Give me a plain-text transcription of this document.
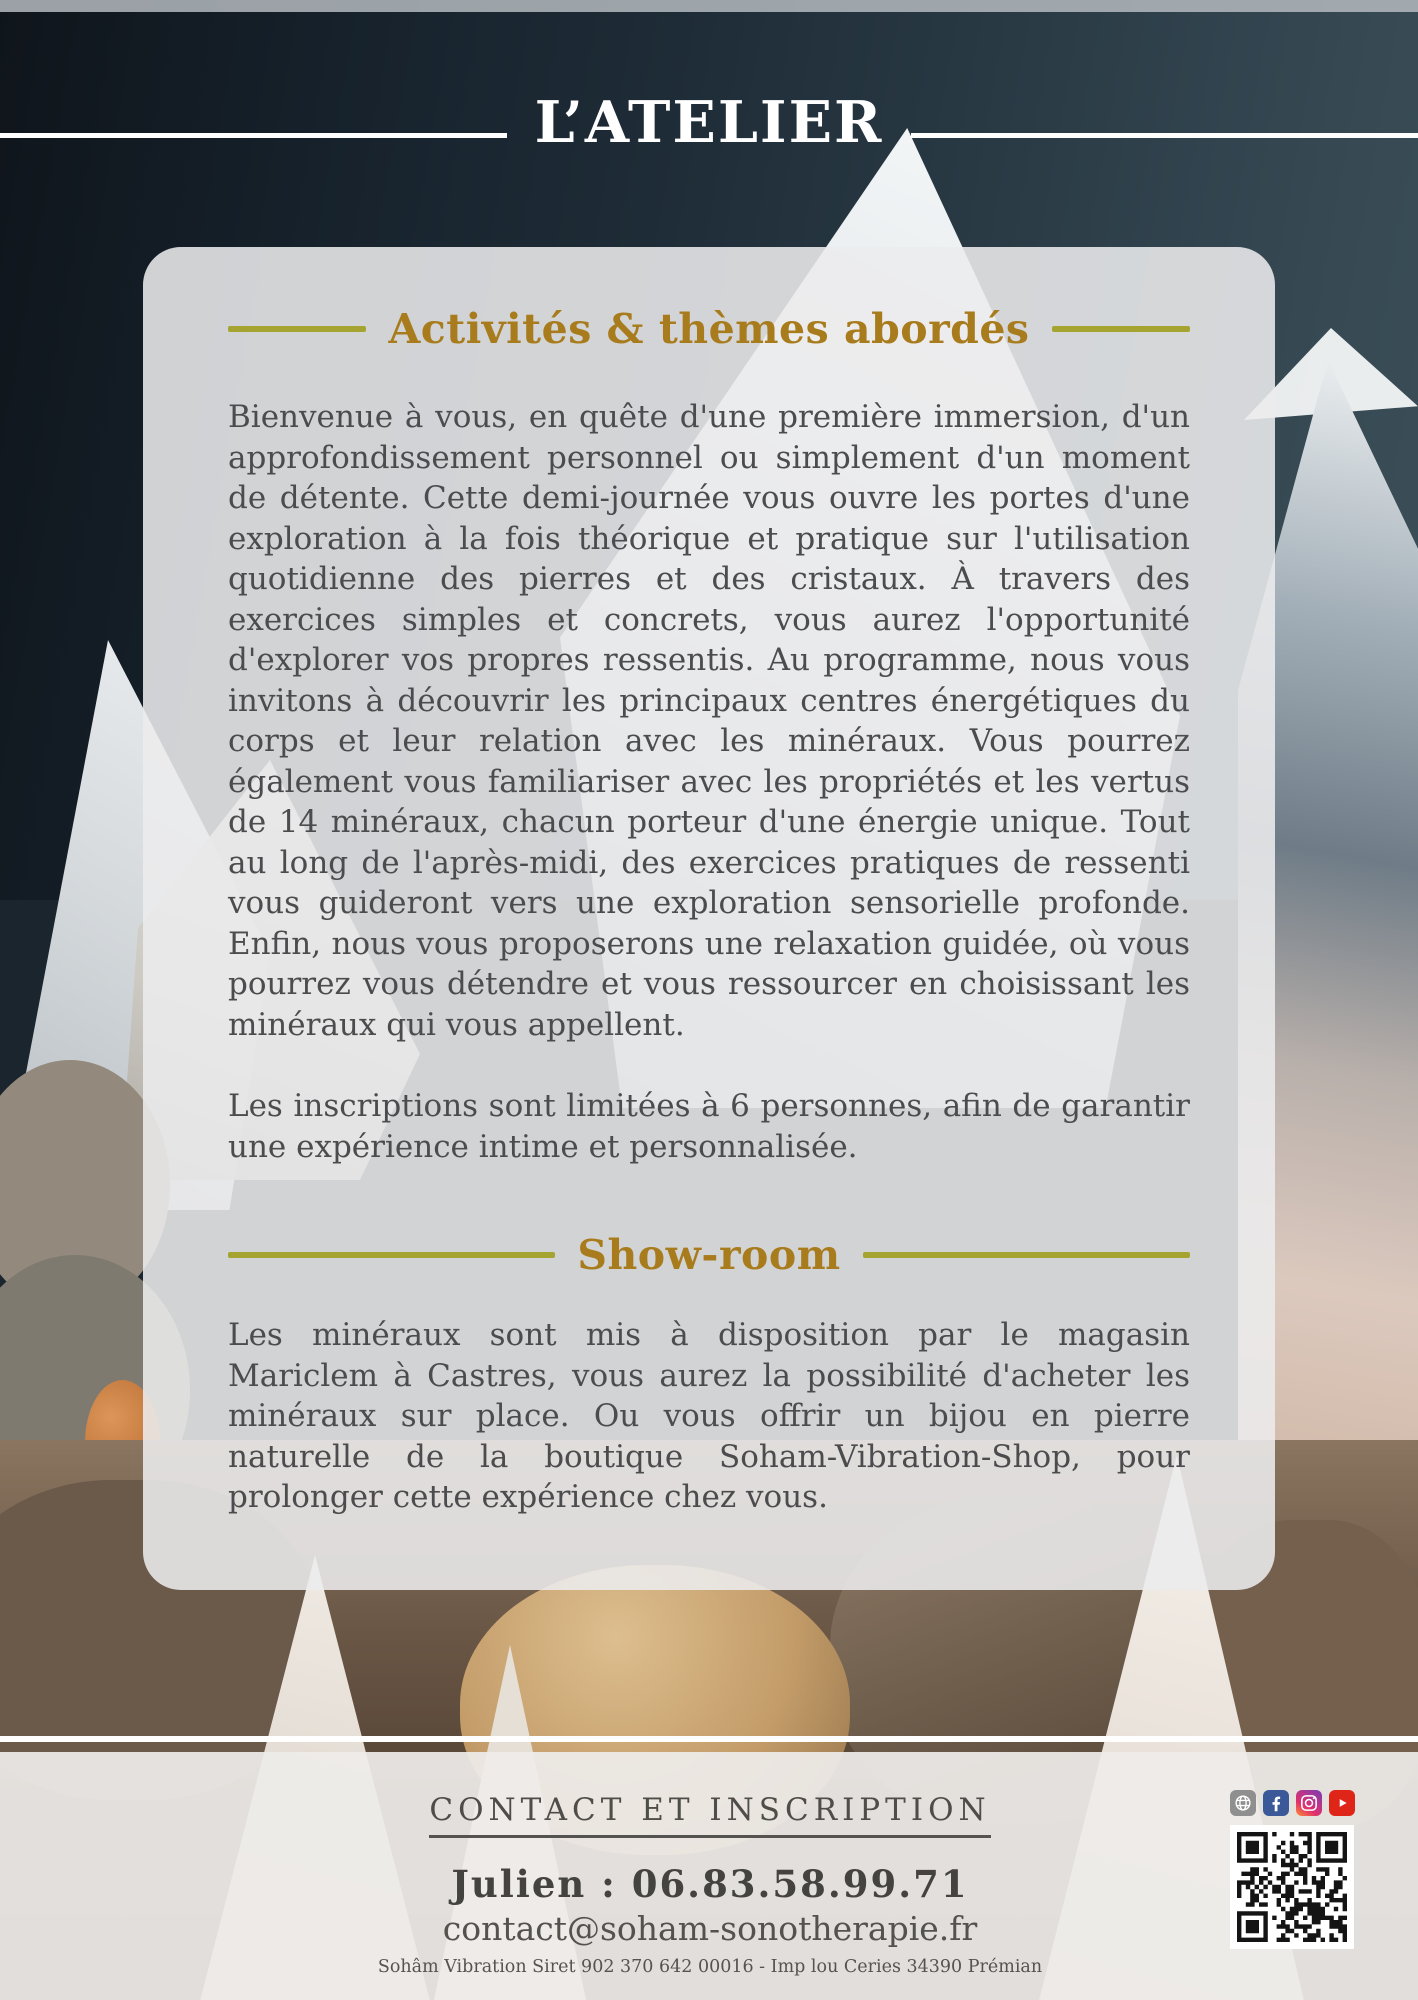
L’ATELIER
Activités & thèmes abordés

Bienvenue à vous, en quête d'une première immersion, d'un approfondissement personnel ou simplement d'un moment de détente. Cette demi-journée vous ouvre les portes d'une exploration à la fois théorique et pratique sur l'utilisation quotidienne des pierres et des cristaux. À travers des exercices simples et concrets, vous aurez l'opportunité d'explorer vos propres ressentis. Au programme, nous vous invitons à découvrir les principaux centres énergétiques du corps et leur relation avec les minéraux. Vous pourrez également vous familiariser avec les propriétés et les vertus de 14 minéraux, chacun porteur d'une énergie unique. Tout au long de l'après-midi, des exercices pratiques de ressenti vous guideront vers une exploration sensorielle profonde. Enfin, nous vous proposerons une relaxation guidée, où vous pourrez vous détendre et vous ressourcer en choisissant les minéraux qui vous appellent.

Les inscriptions sont limitées à 6 personnes, afin de garantir une expérience intime et personnalisée.

Show-room

Les minéraux sont mis à disposition par le magasin Mariclem à Castres, vous aurez la possibilité d'acheter les minéraux sur place. Ou vous offrir un bijou en pierre naturelle de la boutique Soham-Vibration-Shop, pour prolonger cette expérience chez vous.

CONTACT ET INSCRIPTION
Julien : 06.83.58.99.71
contact@soham-sonotherapie.fr
Sohâm Vibration Siret 902 370 642 00016 - Imp lou Ceries 34390 Prémian
